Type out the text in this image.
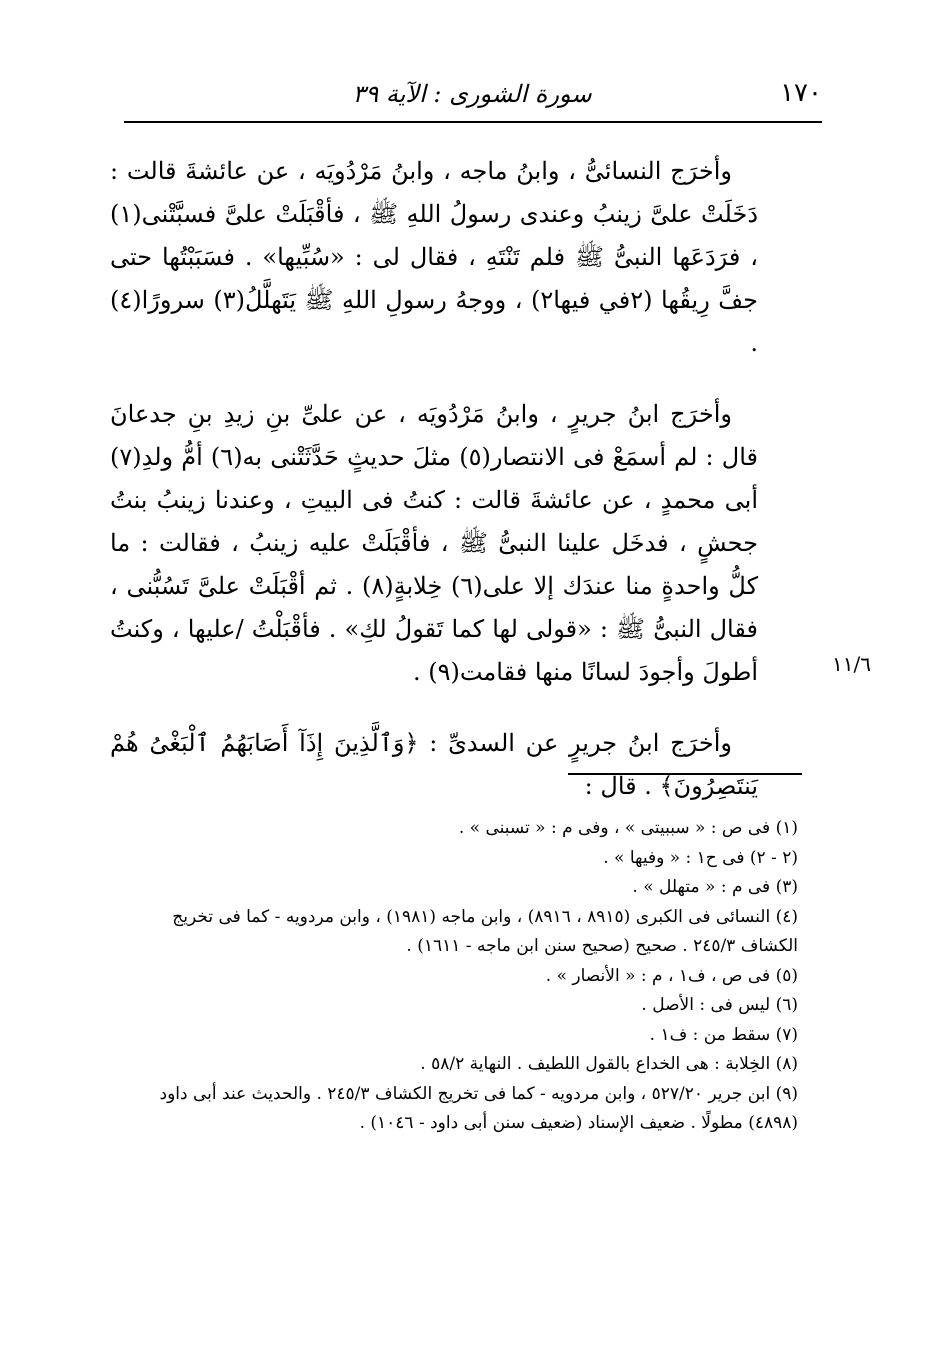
١٧٠
سورة الشورى : الآية ٣٩

وأخرَج النسائىُّ ، وابنُ ماجه ، وابنُ مَرْدُويَه ، عن عائشةَ قالت : دَخَلَتْ علىَّ زينبُ وعندى رسولُ اللهِ ﷺ ، فأقْبَلَتْ علىَّ فسبَّتْنى(١) ، فرَدَعَها النبىُّ ﷺ فلم تَنْتَهِ ، فقال لى : «سُبِّيها» . فسَبَبْتُها حتى جفَّ رِيقُها (٢في فيها٢) ، ووجهُ رسولِ اللهِ ﷺ يَتَهلَّلُ(٣) سرورًا(٤) .

وأخرَج ابنُ جريرٍ ، وابنُ مَرْدُويَه ، عن علىِّ بنِ زيدِ بنِ جدعانَ قال : لم أسمَعْ فى الانتصار(٥) مثلَ حديثٍ حَدَّثَتْنى به(٦) أمُّ ولدِ(٧) أبى محمدٍ ، عن عائشةَ قالت : كنتُ فى البيتِ ، وعندنا زينبُ بنتُ جحشٍ ، فدخَل علينا النبىُّ ﷺ ، فأقْبَلَتْ عليه زينبُ ، فقالت : ما كلُّ واحدةٍ منا عندَك إلا على(٦) خِلابةٍ(٨) . ثم أقْبَلَتْ علىَّ تَسُبُّنى ، فقال النبىُّ ﷺ : «قولى لها كما تَقولُ لكِ» . فأقْبَلْتُ /عليها ، وكنتُ أطولَ وأجودَ لسانًا منها فقامت(٩) .

وأخرَج ابنُ جريرٍ عن السدىِّ : ﴿وَٱلَّذِينَ إِذَآ أَصَابَهُمُ ٱلْبَغْىُ هُمْ يَنتَصِرُونَ﴾ . قال :

١١/٦

(١) فى ص : « سببيتى » ، وفى م : « تسبنى » .

(٢ - ٢) فى ح١ : « وفيها » .

(٣) فى م : « متهلل » .

(٤) النسائى فى الكبرى (٨٩١٥ ، ٨٩١٦) ، وابن ماجه (١٩٨١) ، وابن مردويه - كما فى تخريج الكشاف ٢٤٥/٣ . صحيح (صحيح سنن ابن ماجه - ١٦١١) .

(٥) فى ص ، ف١ ، م : « الأنصار » .

(٦) ليس فى : الأصل .

(٧) سقط من : ف١ .

(٨) الخِلابة : هى الخداع بالقول اللطيف . النهاية ٥٨/٢ .

(٩) ابن جرير ٥٢٧/٢٠ ، وابن مردويه - كما فى تخريج الكشاف ٢٤٥/٣ . والحديث عند أبى داود (٤٨٩٨) مطولًا . ضعيف الإسناد (ضعيف سنن أبى داود - ١٠٤٦) .
